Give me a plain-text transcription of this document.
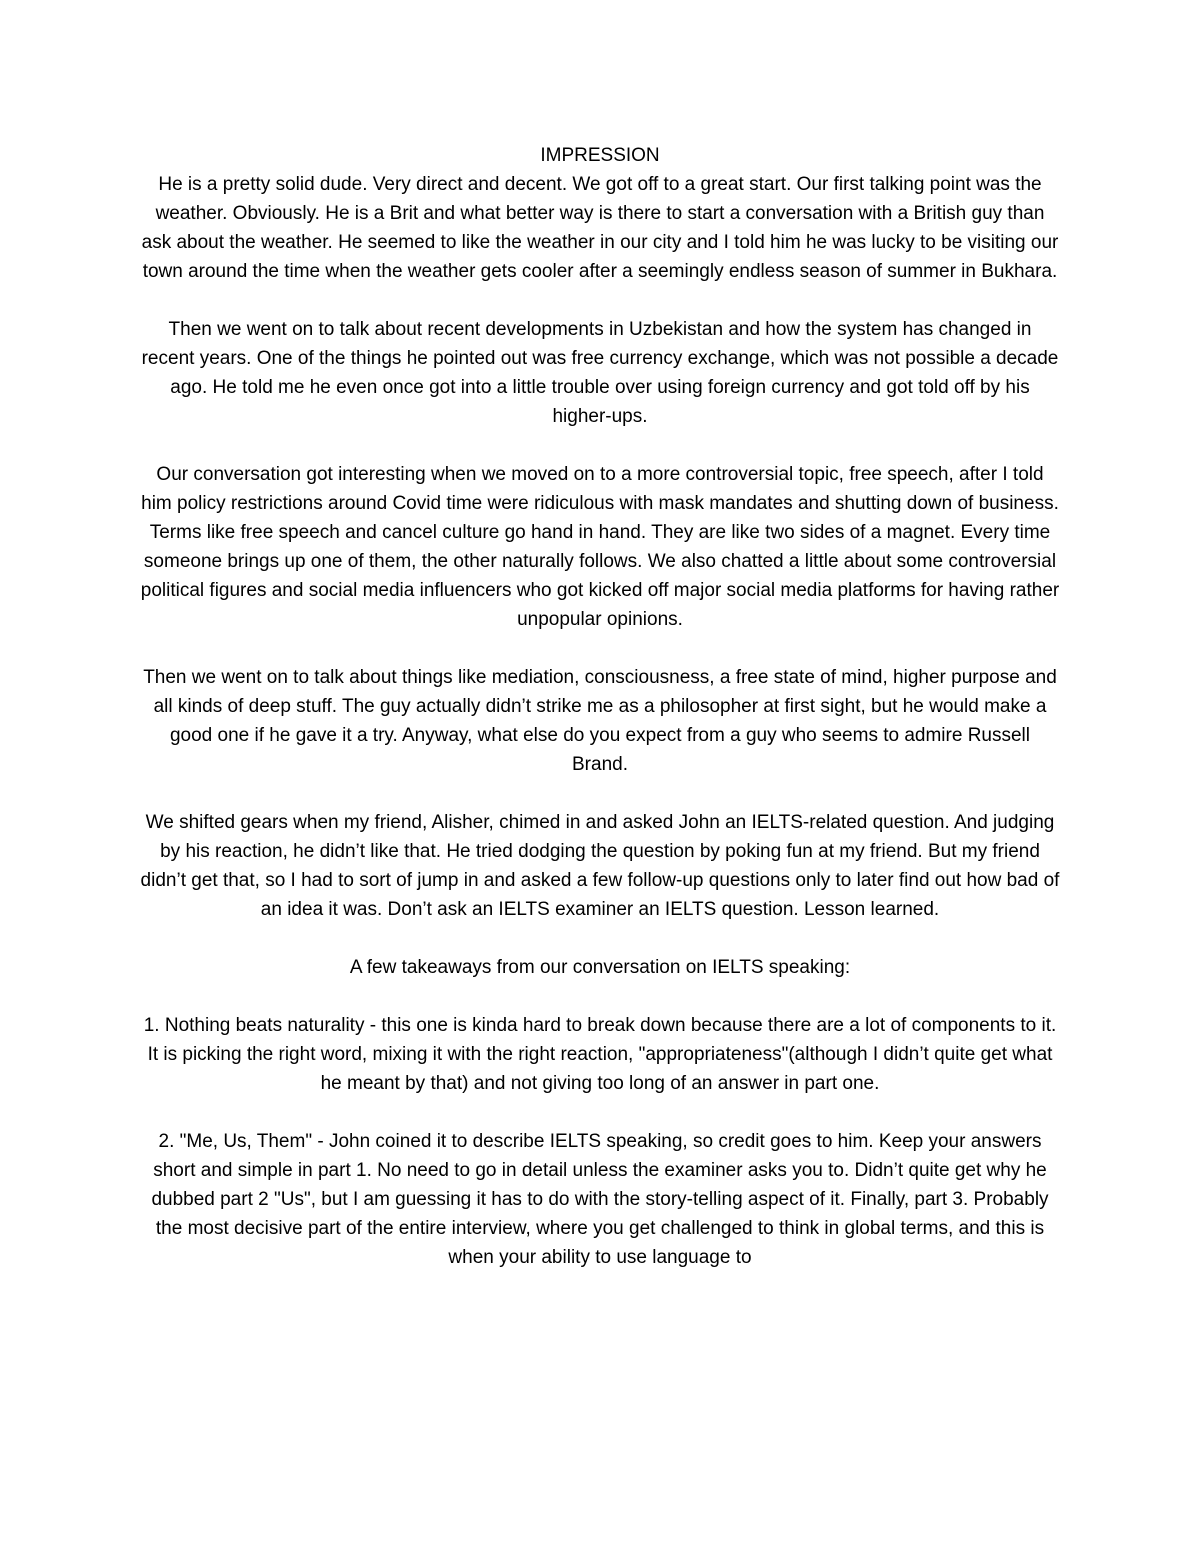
IMPRESSION

He is a pretty solid dude. Very direct and decent. We got off to a great start. Our first talking point was the weather. Obviously. He is a Brit and what better way is there to start a conversation with a British guy than ask about the weather. He seemed to like the weather in our city and I told him he was lucky to be visiting our town around the time when the weather gets cooler after a seemingly endless season of summer in Bukhara.

Then we went on to talk about recent developments in Uzbekistan and how the system has changed in recent years. One of the things he pointed out was free currency exchange, which was not possible a decade ago. He told me he even once got into a little trouble over using foreign currency and got told off by his higher-ups.

Our conversation got interesting when we moved on to a more controversial topic, free speech, after I told him policy restrictions around Covid time were ridiculous with mask mandates and shutting down of business. Terms like free speech and cancel culture go hand in hand. They are like two sides of a magnet. Every time someone brings up one of them, the other naturally follows. We also chatted a little about some controversial political figures and social media influencers who got kicked off major social media platforms for having rather unpopular opinions.

Then we went on to talk about things like mediation, consciousness, a free state of mind, higher purpose and all kinds of deep stuff. The guy actually didn’t strike me as a philosopher at first sight, but he would make a good one if he gave it a try. Anyway, what else do you expect from a guy who seems to admire Russell Brand.

We shifted gears when my friend, Alisher, chimed in and asked John an IELTS-related question. And judging by his reaction, he didn’t like that. He tried dodging the question by poking fun at my friend. But my friend didn’t get that, so I had to sort of jump in and asked a few follow-up questions only to later find out how bad of an idea it was. Don’t ask an IELTS examiner an IELTS question. Lesson learned.

A few takeaways from our conversation on IELTS speaking:

1. Nothing beats naturality - this one is kinda hard to break down because there are a lot of components to it. It is picking the right word, mixing it with the right reaction, "appropriateness"(although I didn’t quite get what he meant by that) and not giving too long of an answer in part one.

2. "Me, Us, Them" - John coined it to describe IELTS speaking, so credit goes to him. Keep your answers short and simple in part 1. No need to go in detail unless the examiner asks you to. Didn’t quite get why he dubbed part 2 "Us", but I am guessing it has to do with the story-telling aspect of it. Finally, part 3. Probably the most decisive part of the entire interview, where you get challenged to think in global terms, and this is when your ability to use language to
